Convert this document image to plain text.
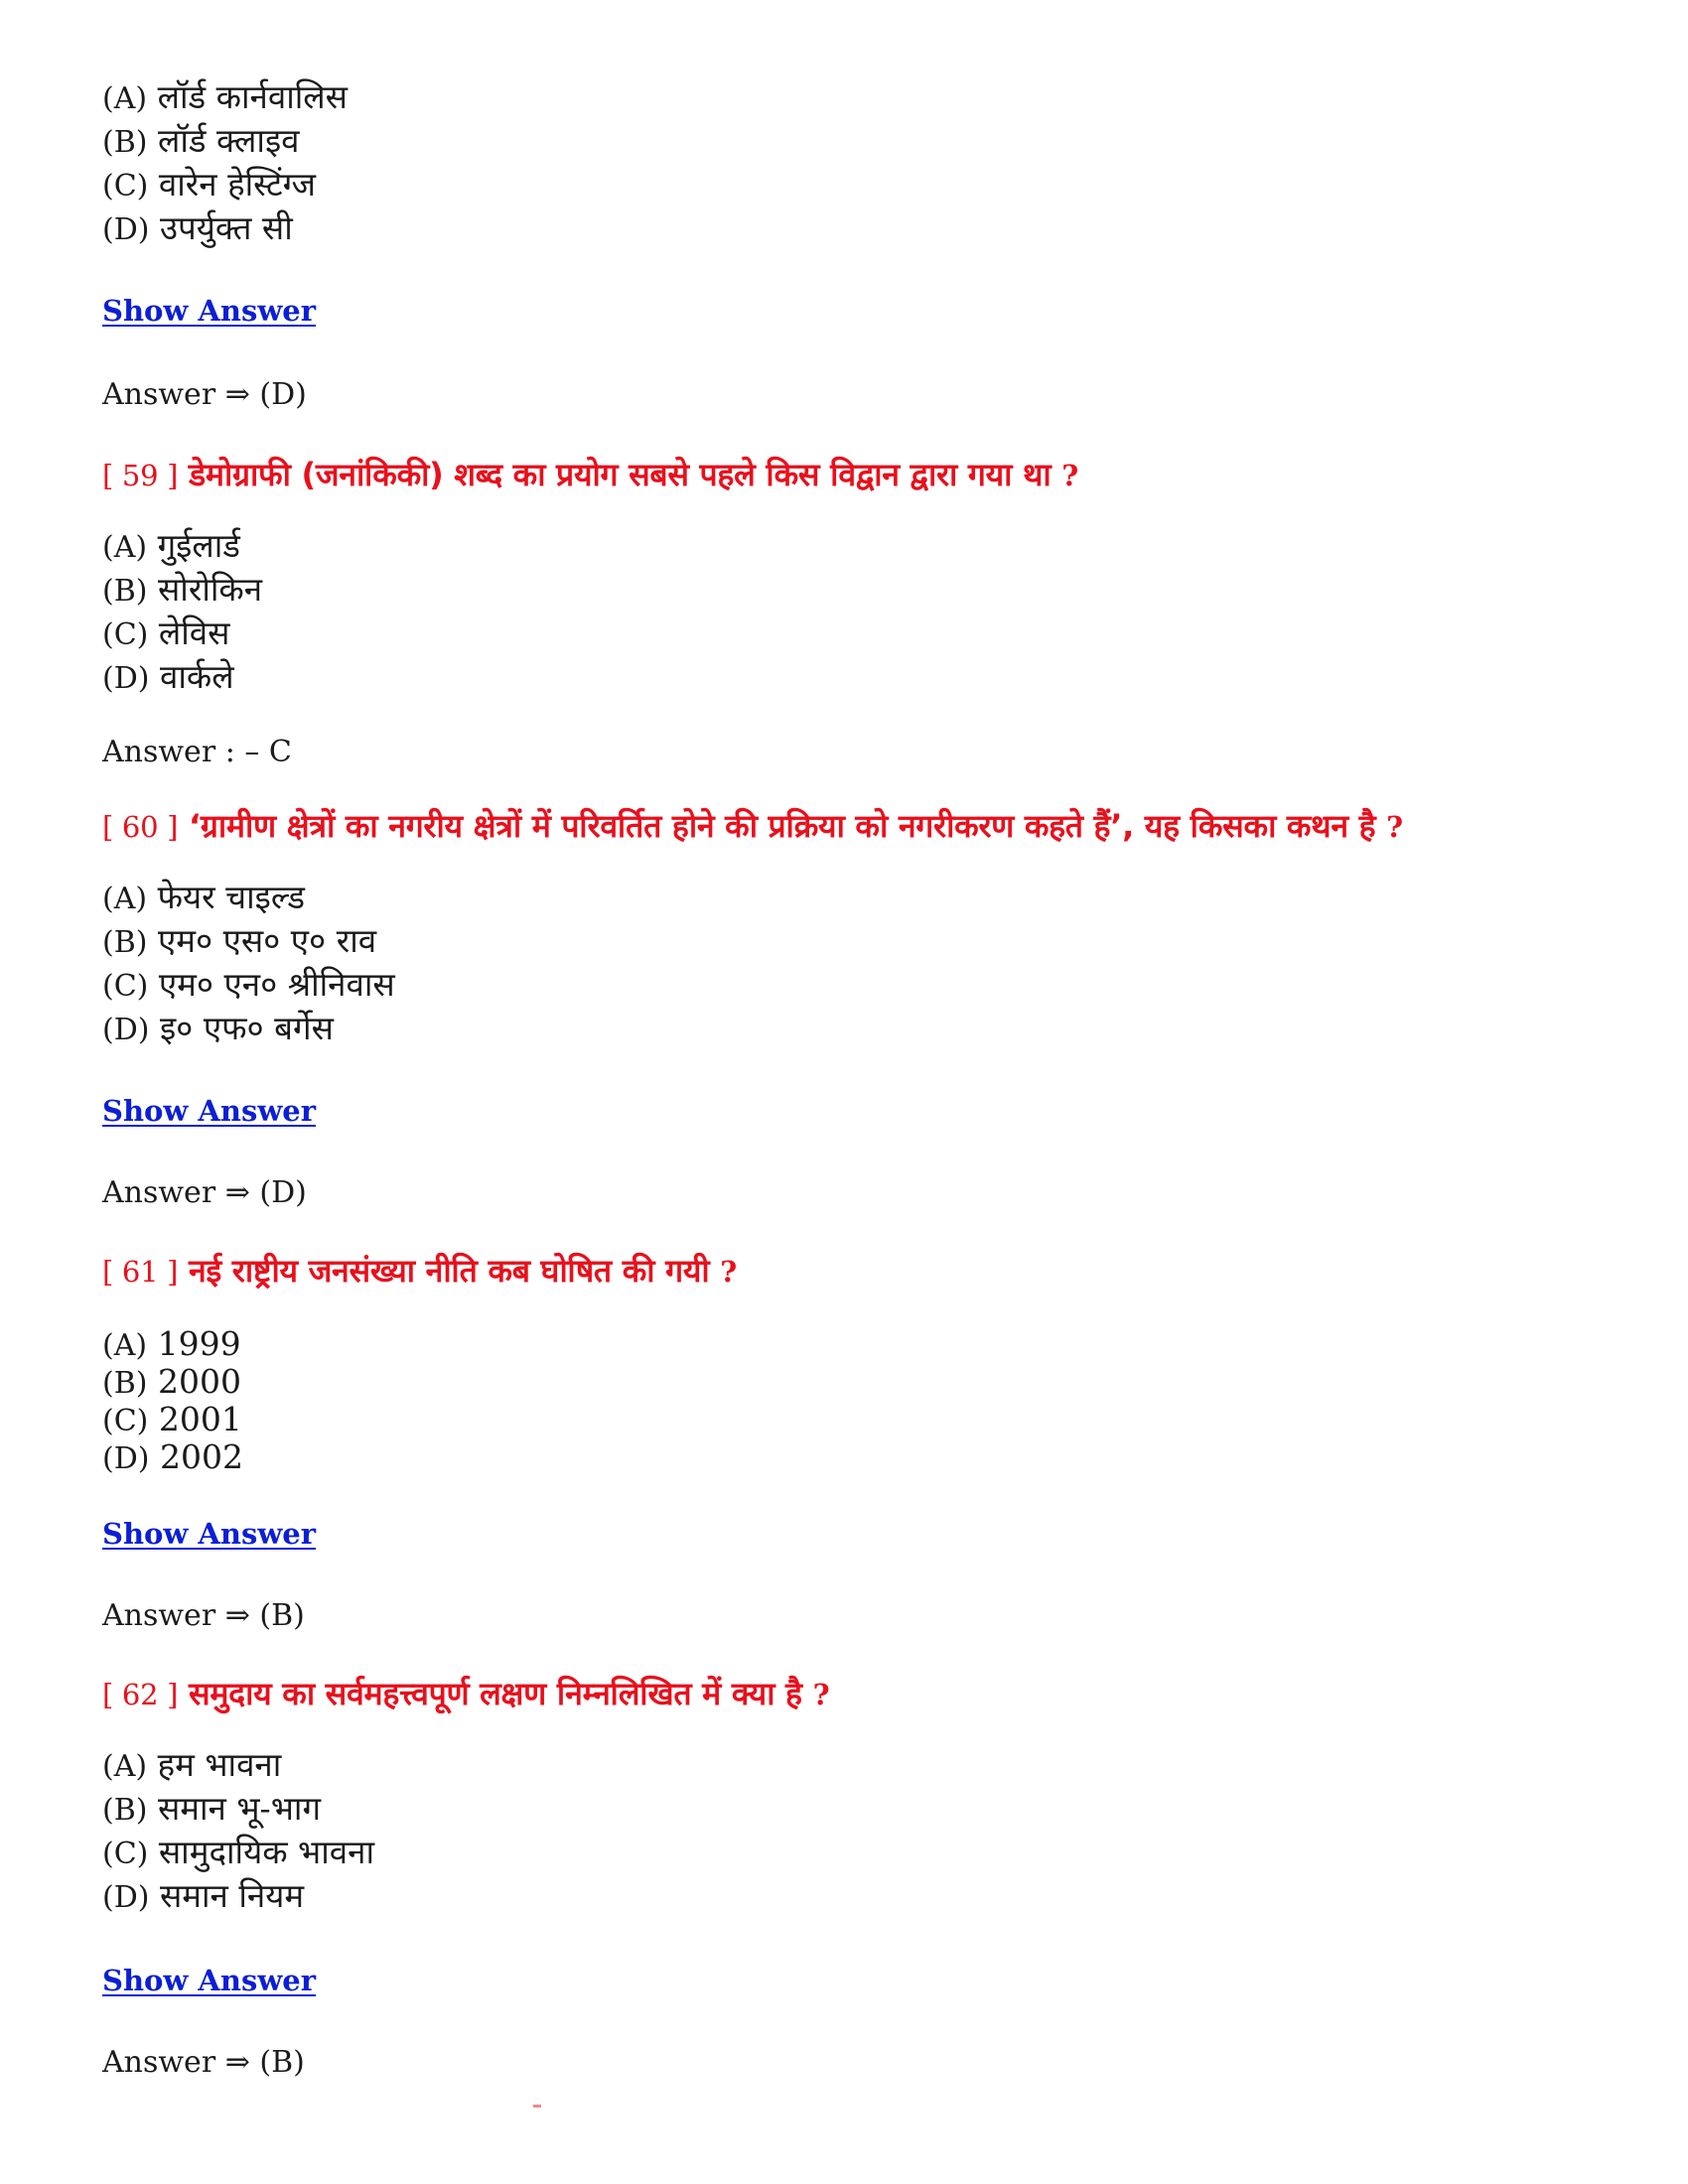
(A) लॉर्ड कार्नवालिस
(B) लॉर्ड क्लाइव
(C) वारेन हेस्टिंग्ज
(D) उपर्युक्त सी
Show Answer
Answer ⇒ (D)
[ 59 ] डेमोग्राफी (जनांकिकी) शब्द का प्रयोग सबसे पहले किस विद्वान द्वारा गया था ?
(A) गुईलार्ड
(B) सोरोकिन
(C) लेविस
(D) वार्कले
Answer : – C
[ 60 ] ‘ग्रामीण क्षेत्रों का नगरीय क्षेत्रों में परिवर्तित होने की प्रक्रिया को नगरीकरण कहते हैं’, यह किसका कथन है ?
(A) फेयर चाइल्ड
(B) एम० एस० ए० राव
(C) एम० एन० श्रीनिवास
(D) इ० एफ० बर्गेस
Show Answer
Answer ⇒ (D)
[ 61 ] नई राष्ट्रीय जनसंख्या नीति कब घोषित की गयी ?
(A) 1999
(B) 2000
(C) 2001
(D) 2002
Show Answer
Answer ⇒ (B)
[ 62 ] समुदाय का सर्वमहत्त्वपूर्ण लक्षण निम्नलिखित में क्या है ?
(A) हम भावना
(B) समान भू-भाग
(C) सामुदायिक भावना
(D) समान नियम
Show Answer
Answer ⇒ (B)
